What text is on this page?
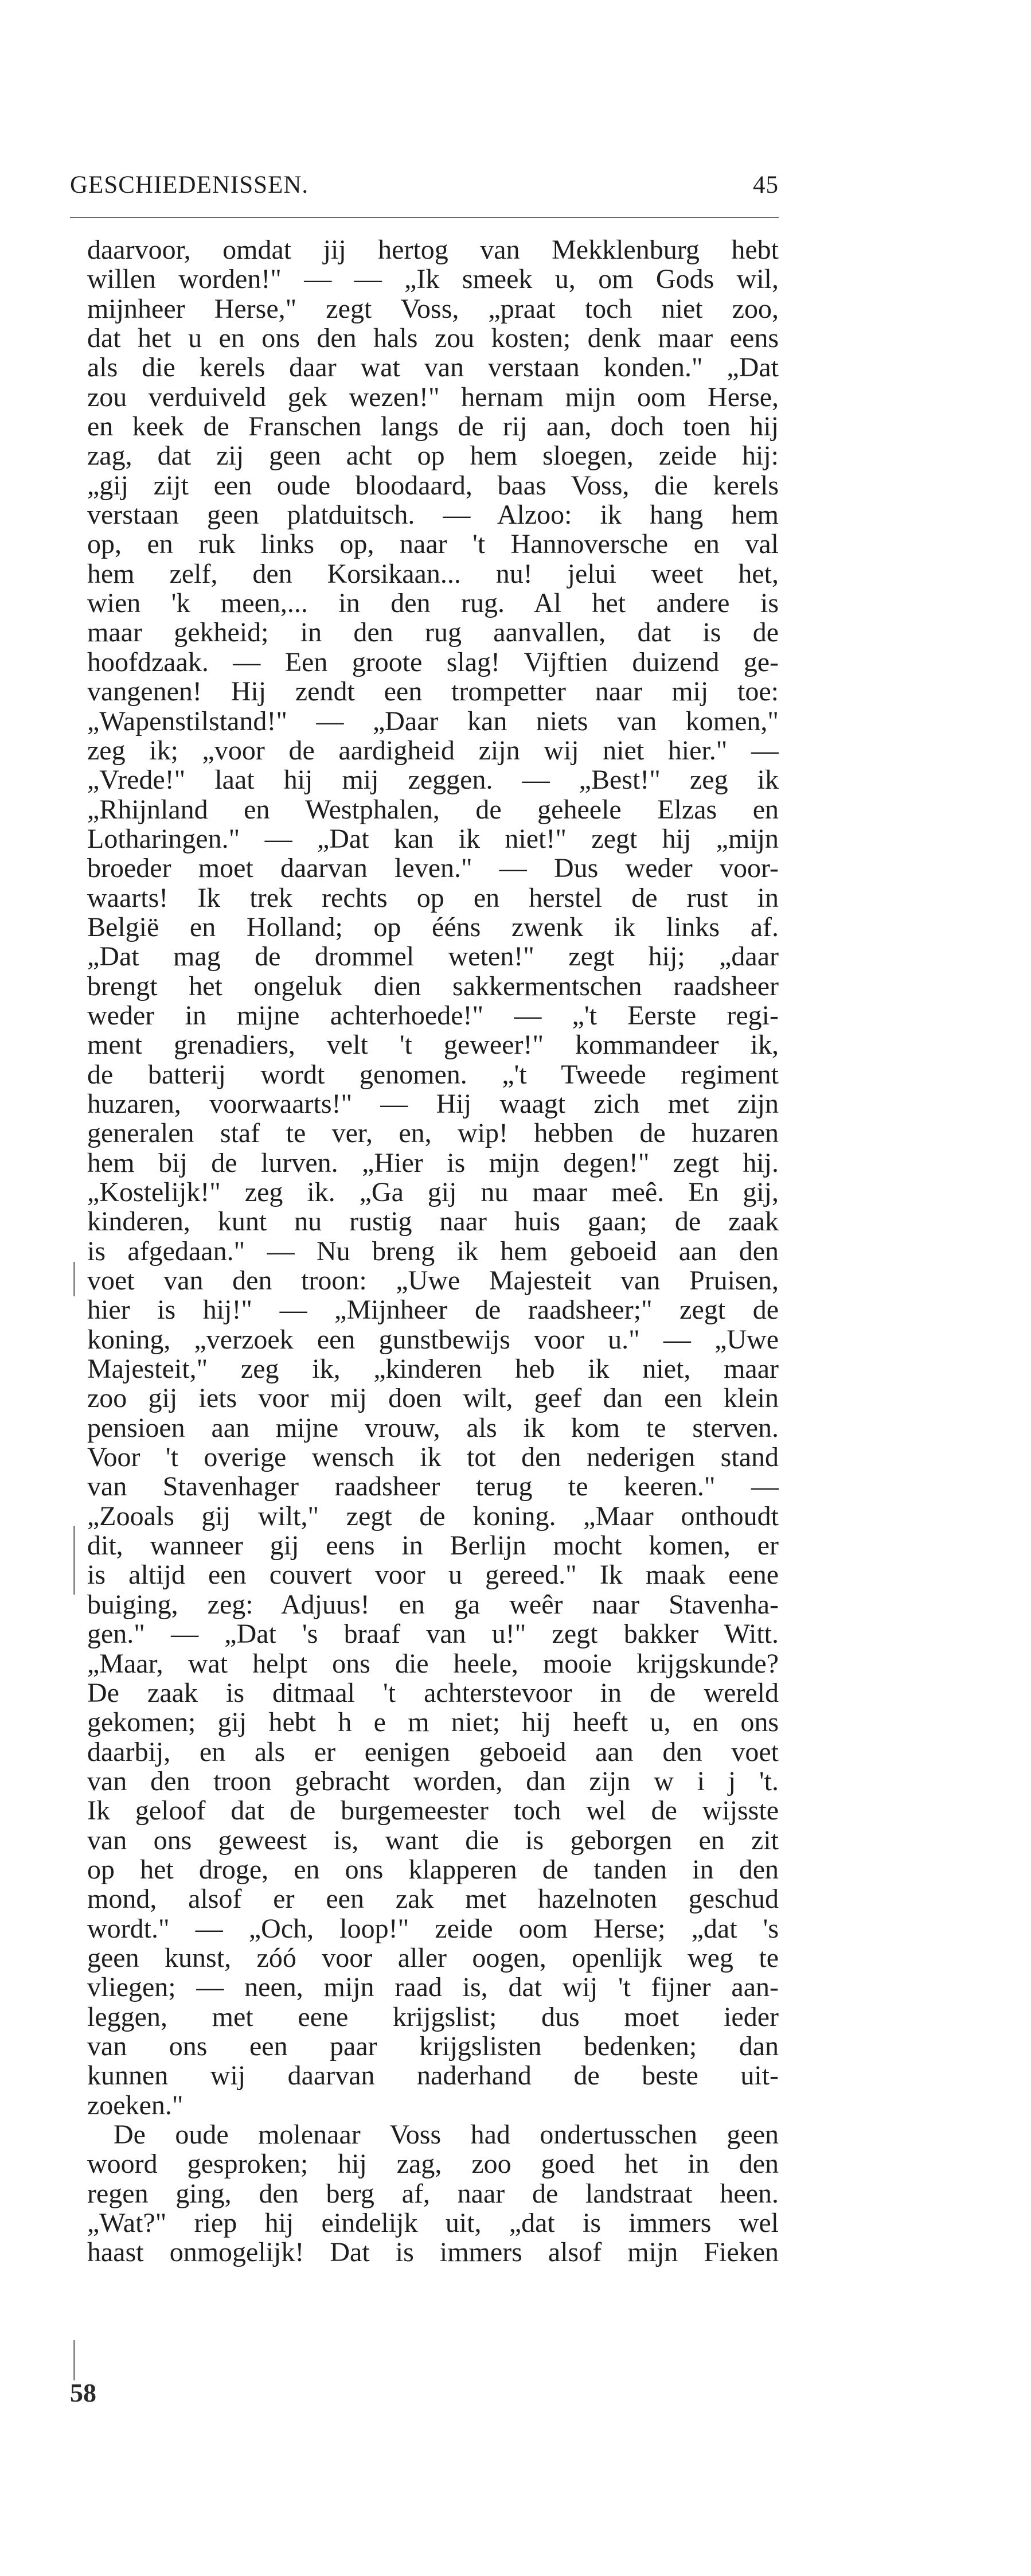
GESCHIEDENISSEN.	45
daarvoor, omdat jij hertog van Mekklenburg hebt
willen worden!" — — „Ik smeek u, om Gods wil,
mijnheer Herse," zegt Voss, „praat toch niet zoo,
dat het u en ons den hals zou kosten; denk maar eens
als die kerels daar wat van verstaan konden." „Dat
zou verduiveld gek wezen!" hernam mijn oom Herse,
en keek de Franschen langs de rij aan, doch toen hij
zag, dat zij geen acht op hem sloegen, zeide hij:
„gij zijt een oude bloodaard, baas Voss, die kerels
verstaan geen platduitsch. — Alzoo: ik hang hem
op, en ruk links op, naar 't Hannoversche en val
hem zelf, den Korsikaan... nu! jelui weet het,
wien 'k meen,... in den rug. Al het andere is
maar gekheid; in den rug aanvallen, dat is de
hoofdzaak. — Een groote slag! Vijftien duizend ge-
vangenen! Hij zendt een trompetter naar mij toe:
„Wapenstilstand!" — „Daar kan niets van komen,"
zeg ik; „voor de aardigheid zijn wij niet hier." —
„Vrede!" laat hij mij zeggen. — „Best!" zeg ik
„Rhijnland en Westphalen, de geheele Elzas en
Lotharingen." — „Dat kan ik niet!" zegt hij „mijn
broeder moet daarvan leven." — Dus weder voor-
waarts! Ik trek rechts op en herstel de rust in
België en Holland; op ééns zwenk ik links af.
„Dat mag de drommel weten!" zegt hij; „daar
brengt het ongeluk dien sakkermentschen raadsheer
weder in mijne achterhoede!" — „'t Eerste regi-
ment grenadiers, velt 't geweer!" kommandeer ik,
de batterij wordt genomen. „'t Tweede regiment
huzaren, voorwaarts!" — Hij waagt zich met zijn
generalen staf te ver, en, wip! hebben de huzaren
hem bij de lurven. „Hier is mijn degen!" zegt hij.
„Kostelijk!" zeg ik. „Ga gij nu maar meê. En gij,
kinderen, kunt nu rustig naar huis gaan; de zaak
is afgedaan." — Nu breng ik hem geboeid aan den
voet van den troon: „Uwe Majesteit van Pruisen,
hier is hij!" — „Mijnheer de raadsheer;" zegt de
koning, „verzoek een gunstbewijs voor u." — „Uwe
Majesteit," zeg ik, „kinderen heb ik niet, maar
zoo gij iets voor mij doen wilt, geef dan een klein
pensioen aan mijne vrouw, als ik kom te sterven.
Voor 't overige wensch ik tot den nederigen stand
van Stavenhager raadsheer terug te keeren." —
„Zooals gij wilt," zegt de koning. „Maar onthoudt
dit, wanneer gij eens in Berlijn mocht komen, er
is altijd een couvert voor u gereed." Ik maak eene
buiging, zeg: Adjuus! en ga weêr naar Stavenha-
gen." — „Dat 's braaf van u!" zegt bakker Witt.
„Maar, wat helpt ons die heele, mooie krijgskunde?
De zaak is ditmaal 't achterstevoor in de wereld
gekomen; gij hebt h e m niet; hij heeft u, en ons
daarbij, en als er eenigen geboeid aan den voet
van den troon gebracht worden, dan zijn w i j 't.
Ik geloof dat de burgemeester toch wel de wijsste
van ons geweest is, want die is geborgen en zit
op het droge, en ons klapperen de tanden in den
mond, alsof er een zak met hazelnoten geschud
wordt." — „Och, loop!" zeide oom Herse; „dat 's
geen kunst, zóó voor aller oogen, openlijk weg te
vliegen; — neen, mijn raad is, dat wij 't fijner aan-
leggen, met eene krijgslist; dus moet ieder
van ons een paar krijgslisten bedenken; dan
kunnen wij daarvan naderhand de beste uit-
zoeken."
De oude molenaar Voss had ondertusschen geen
woord gesproken; hij zag, zoo goed het in den
regen ging, den berg af, naar de landstraat heen.
„Wat?" riep hij eindelijk uit, „dat is immers wel
haast onmogelijk! Dat is immers alsof mijn Fieken
58
